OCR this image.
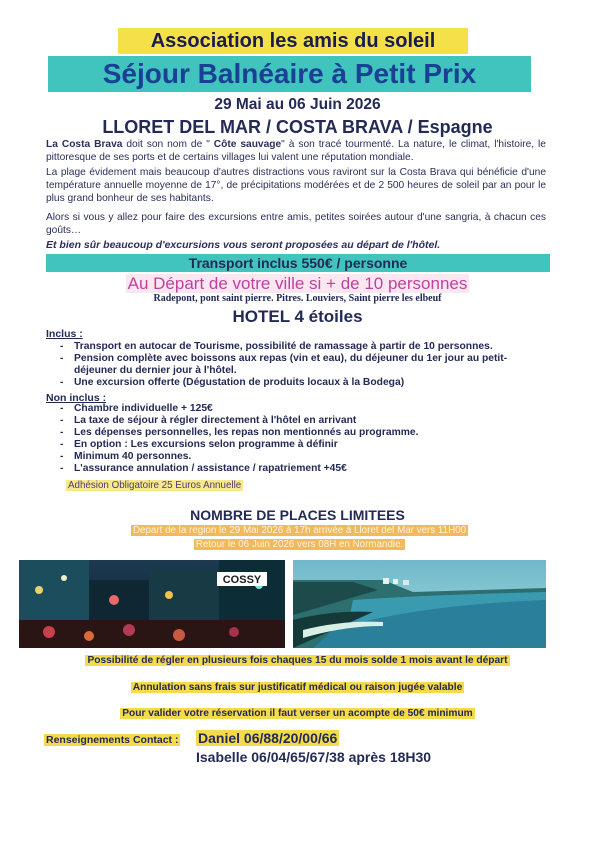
Association les amis du soleil
Séjour Balnéaire à Petit Prix
29 Mai au 06 Juin 2026
LLORET DEL MAR / COSTA BRAVA / Espagne
La Costa Brava doit son nom de " Côte sauvage" à son tracé tourmenté. La nature, le climat, l'histoire, le pittoresque de ses ports et de certains villages lui valent une réputation mondiale.
La plage évidement mais beaucoup d'autres distractions vous raviront sur la Costa Brava qui bénéficie d'une température annuelle moyenne de 17°, de précipitations modérées et de 2 500 heures de soleil par an pour le plus grand bonheur de ses habitants.
Alors si vous y allez pour faire des excursions entre amis, petites soirées autour d'une sangria, à chacun ces goûts…
Et bien sûr beaucoup d'excursions vous seront proposées au départ de l'hôtel.
Transport inclus 550€ / personne
Au Départ de votre ville si + de 10 personnes
Radepont, pont saint pierre. Pitres. Louviers, Saint pierre les elbeuf
HOTEL 4 étoiles
Inclus :
- Transport en autocar de Tourisme, possibilité de ramassage à partir de 10 personnes.
- Pension complète avec boissons aux repas (vin et eau), du déjeuner du 1er jour au petit-déjeuner du dernier jour à l'hôtel.
- Une excursion offerte (Dégustation de produits locaux à la Bodega)
Non inclus :
- Chambre individuelle + 125€
- La taxe de séjour à régler directement à l'hôtel en arrivant
- Les dépenses personnelles, les repas non mentionnés au programme.
- En option : Les excursions selon programme à définir
- Minimum 40 personnes.
- L'assurance annulation / assistance / rapatriement +45€
Adhésion Obligatoire 25 Euros Annuelle
NOMBRE DE PLACES LIMITEES
Depart de la region le 29 Mai 2026 à 17h arrivée à Lloret del Mar vers 11H00
Retour le 06 Juin 2026 vers 08H en Normandie.
COSSY
Possibilité de régler en plusieurs fois chaques 15 du mois solde 1 mois avant le départ
Annulation sans frais sur justificatif médical ou raison jugée valable
Pour valider votre réservation il faut verser un acompte de 50€ minimum
Renseignements Contact : Daniel 06/88/20/00/66
Isabelle 06/04/65/67/38 après 18H30
